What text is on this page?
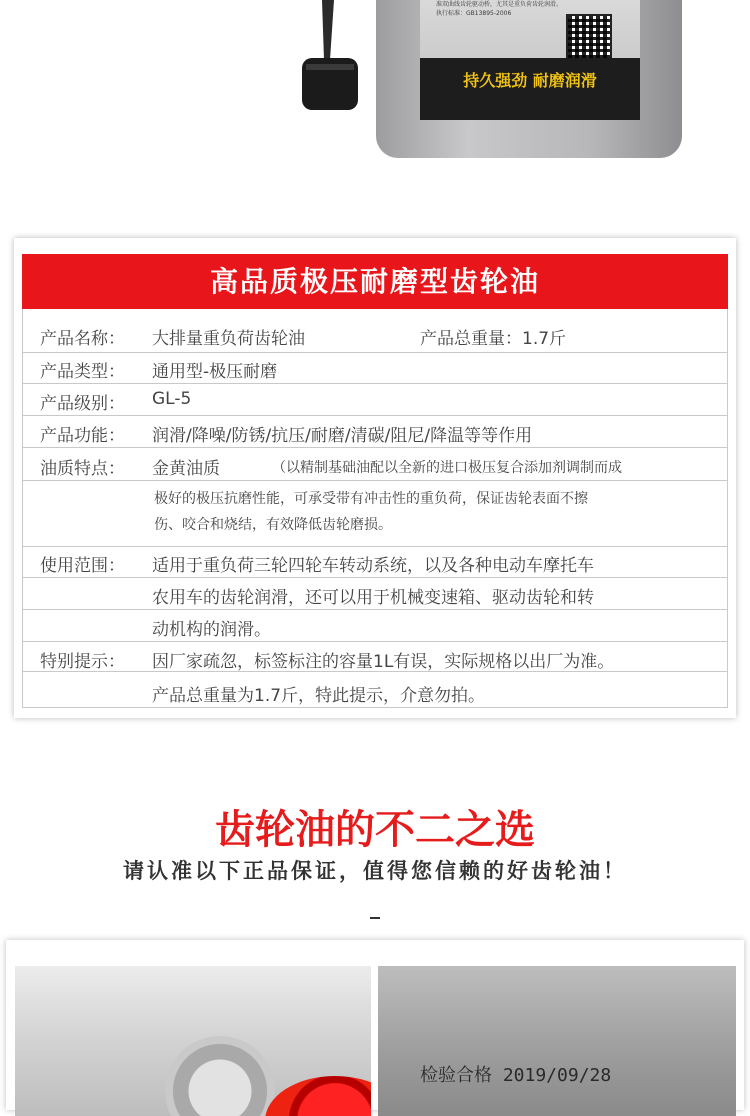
准双曲线齿轮驱动桥，尤其是重负荷齿轮润滑。
执行标准：GB13895-2006
持久强劲 耐磨润滑
高品质极压耐磨型齿轮油
产品名称： 大排量重负荷齿轮油	产品总重量：1.7斤
产品类型： 通用型-极压耐磨
产品级别： GL-5
产品功能： 润滑/降噪/防锈/抗压/耐磨/清碳/阻尼/降温等等作用
油质特点： 金黄油质	（以精制基础油配以全新的进口极压复合添加剂调制而成
极好的极压抗磨性能，可承受带有冲击性的重负荷，保证齿轮表面不擦
伤、咬合和烧结，有效降低齿轮磨损。
使用范围： 适用于重负荷三轮四轮车转动系统，以及各种电动车摩托车
农用车的齿轮润滑，还可以用于机械变速箱、驱动齿轮和转
动机构的润滑。
特别提示： 因厂家疏忽，标签标注的容量1L有误，实际规格以出厂为准。
产品总重量为1.7斤，特此提示，介意勿拍。
齿轮油的不二之选
请认准以下正品保证，值得您信赖的好齿轮油！
检验合格 2019/09/28
